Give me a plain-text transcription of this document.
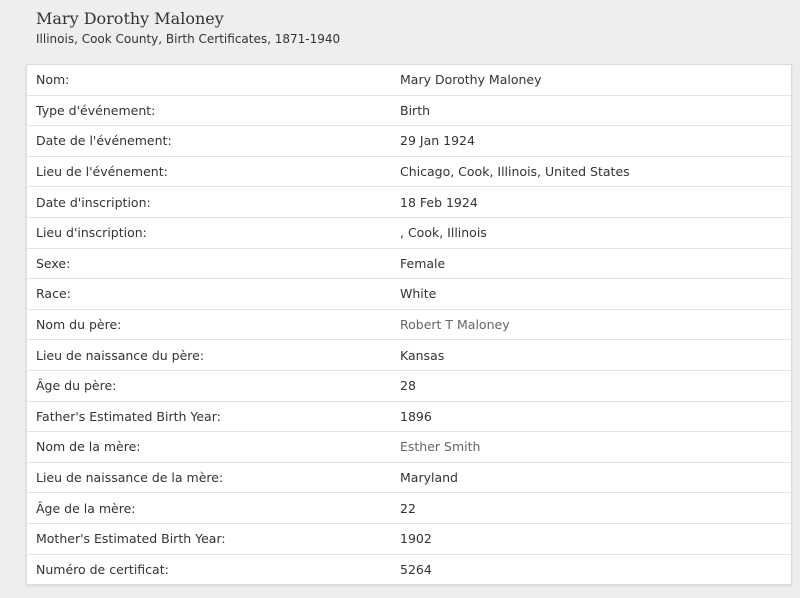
Mary Dorothy Maloney
Illinois, Cook County, Birth Certificates, 1871-1940
Nom:	Mary Dorothy Maloney
Type d'événement:	Birth
Date de l'événement:	29 Jan 1924
Lieu de l'événement:	Chicago, Cook, Illinois, United States
Date d'inscription:	18 Feb 1924
Lieu d'inscription:	, Cook, Illinois
Sexe:	Female
Race:	White
Nom du père:	Robert T Maloney
Lieu de naissance du père:	Kansas
Âge du père:	28
Father's Estimated Birth Year:	1896
Nom de la mère:	Esther Smith
Lieu de naissance de la mère:	Maryland
Âge de la mère:	22
Mother's Estimated Birth Year:	1902
Numéro de certificat:	5264
